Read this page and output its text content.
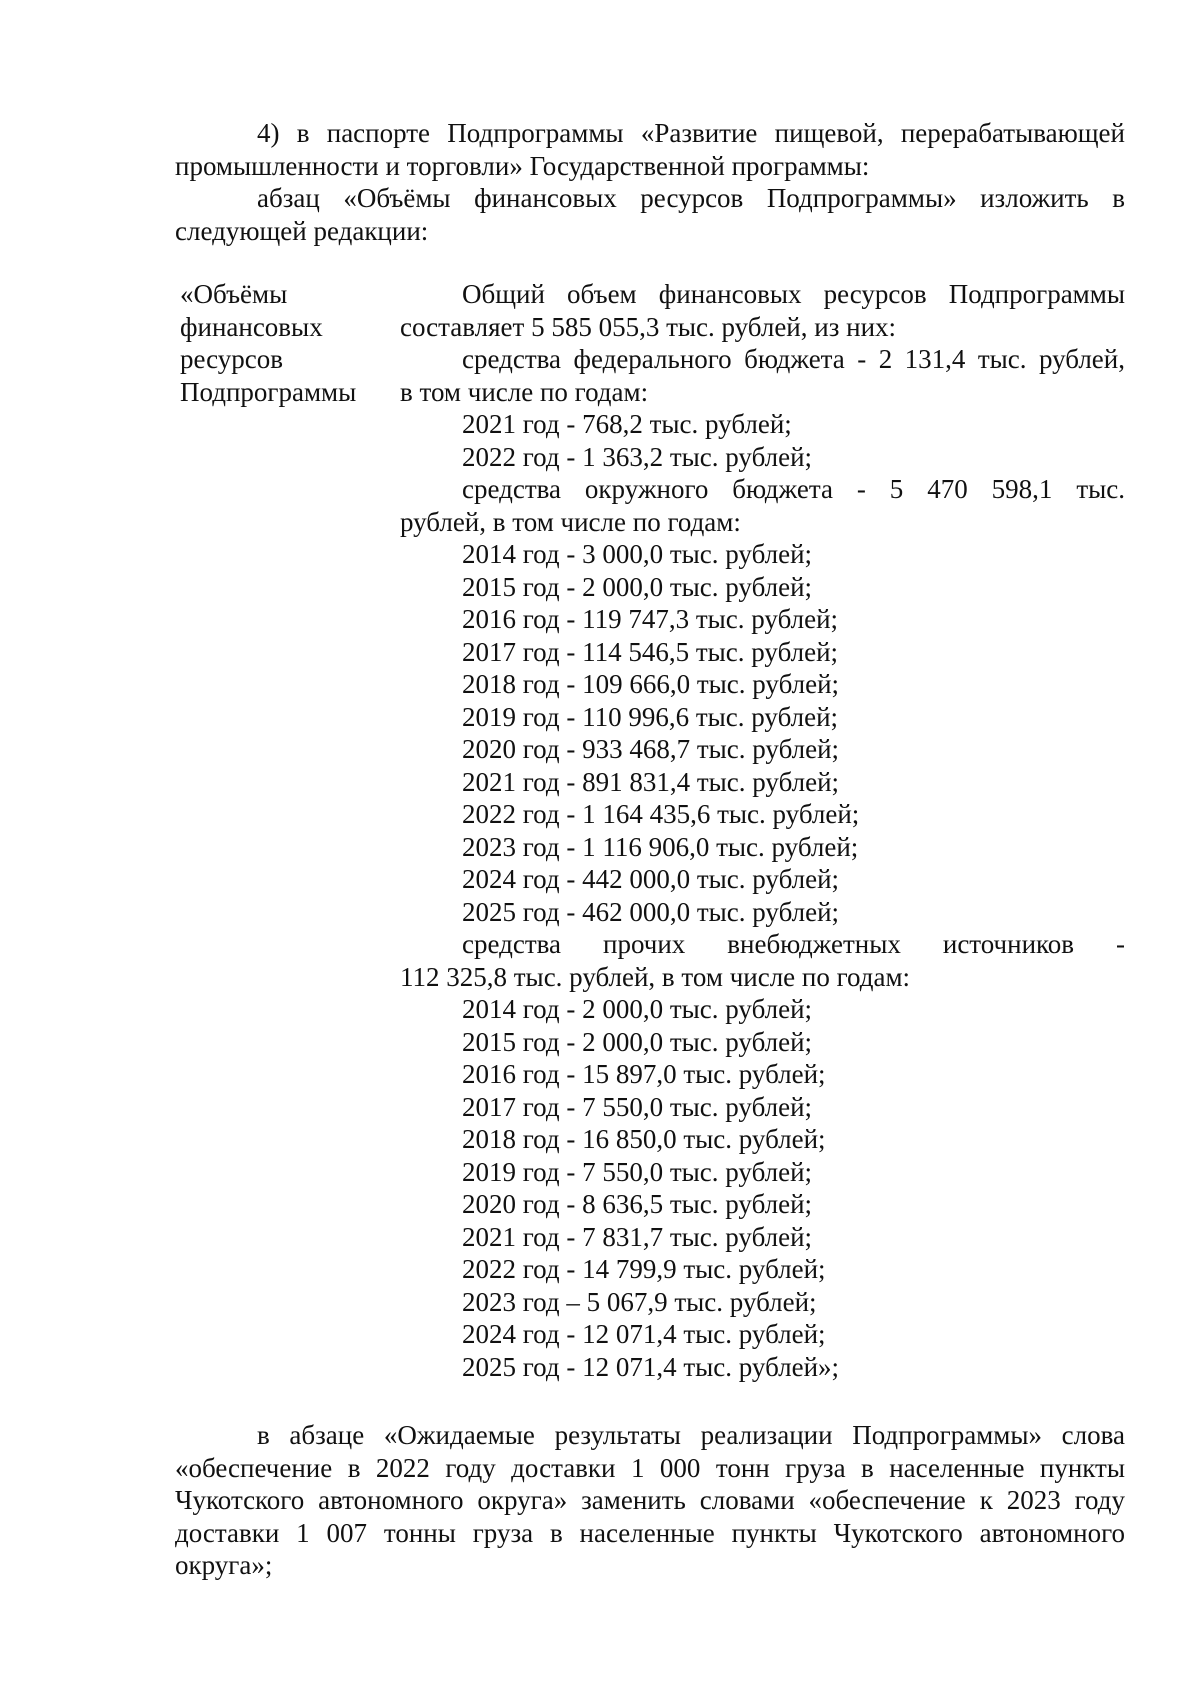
4) в паспорте Подпрограммы «Развитие пищевой, перерабатывающей
промышленности и торговли» Государственной программы:
абзац «Объёмы финансовых ресурсов Подпрограммы» изложить в
следующей редакции:
«Объёмы
финансовых
ресурсов
Подпрограммы
Общий объем финансовых ресурсов Подпрограммы
составляет 5 585 055,3 тыс. рублей, из них:
средства федерального бюджета - 2 131,4 тыс. рублей,
в том числе по годам:
2021 год - 768,2 тыс. рублей;
2022 год - 1 363,2 тыс. рублей;
средства окружного бюджета - 5 470 598,1 тыс.
рублей, в том числе по годам:
2014 год - 3 000,0 тыс. рублей;
2015 год - 2 000,0 тыс. рублей;
2016 год - 119 747,3 тыс. рублей;
2017 год - 114 546,5 тыс. рублей;
2018 год - 109 666,0 тыс. рублей;
2019 год - 110 996,6 тыс. рублей;
2020 год - 933 468,7 тыс. рублей;
2021 год - 891 831,4 тыс. рублей;
2022 год - 1 164 435,6 тыс. рублей;
2023 год - 1 116 906,0 тыс. рублей;
2024 год - 442 000,0 тыс. рублей;
2025 год - 462 000,0 тыс. рублей;
средства прочих внебюджетных источников -
112 325,8 тыс. рублей, в том числе по годам:
2014 год - 2 000,0 тыс. рублей;
2015 год - 2 000,0 тыс. рублей;
2016 год - 15 897,0 тыс. рублей;
2017 год - 7 550,0 тыс. рублей;
2018 год - 16 850,0 тыс. рублей;
2019 год - 7 550,0 тыс. рублей;
2020 год - 8 636,5 тыс. рублей;
2021 год - 7 831,7 тыс. рублей;
2022 год - 14 799,9 тыс. рублей;
2023 год – 5 067,9 тыс. рублей;
2024 год - 12 071,4 тыс. рублей;
2025 год - 12 071,4 тыс. рублей»;
в абзаце «Ожидаемые результаты реализации Подпрограммы» слова
«обеспечение в 2022 году доставки 1 000 тонн груза в населенные пункты
Чукотского автономного округа» заменить словами «обеспечение к 2023 году
доставки 1 007 тонны груза в населенные пункты Чукотского автономного
округа»;
